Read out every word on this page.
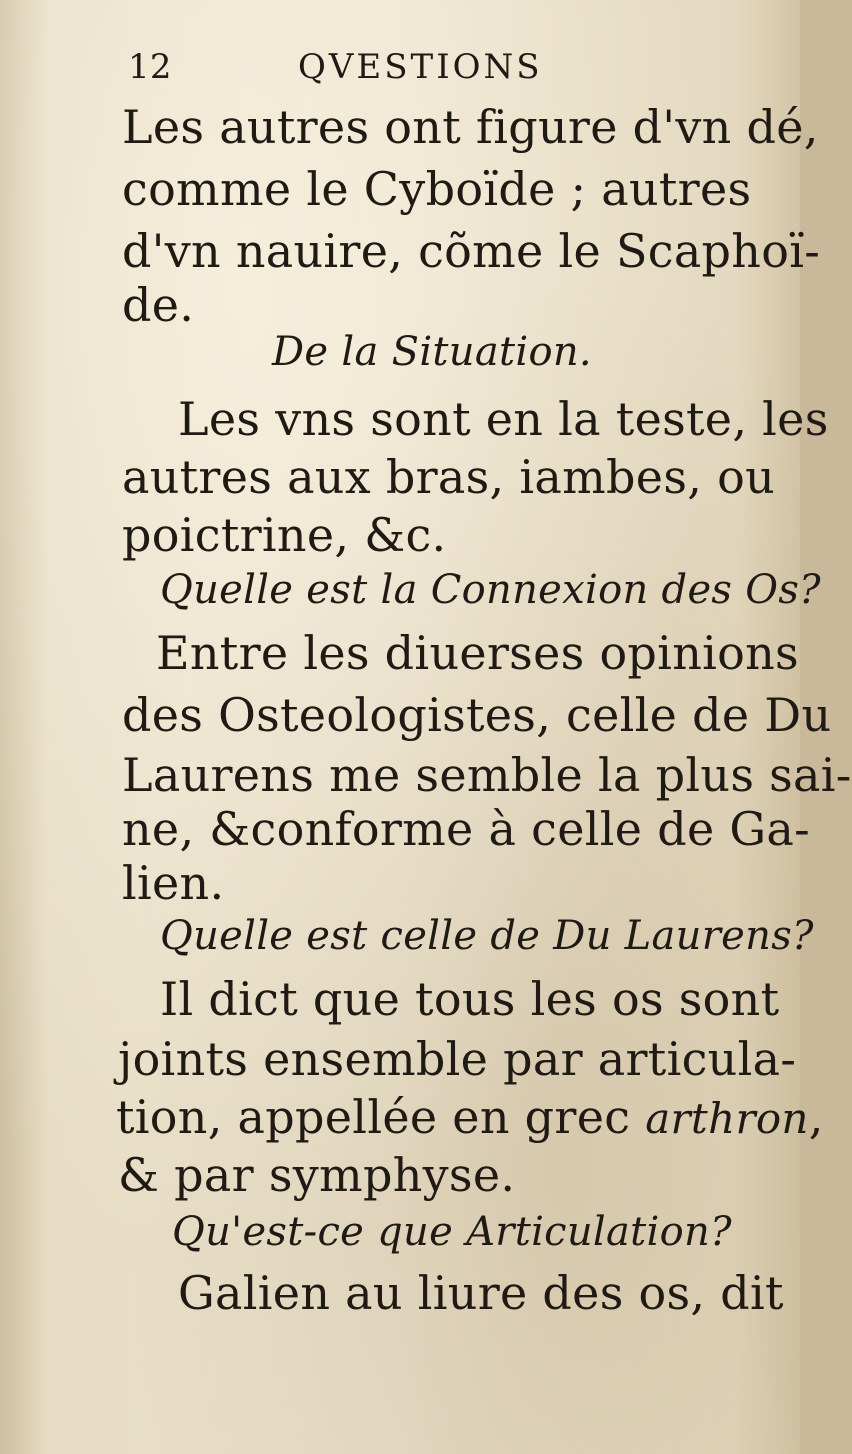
12	QVESTIONS
Les autres ont figure d'vn dé,
comme le Cyboïde ; autres
d'vn nauire, cõme le Scaphoï-
de.
De la Situation.
Les vns sont en la teste, les
autres aux bras, iambes, ou
poictrine, &c.
Quelle est la Connexion des Os?
Entre les diuerses opinions
des Osteologistes, celle de Du
Laurens me semble la plus sai-
ne, &conforme à celle de Ga-
lien.
Quelle est celle de Du Laurens?
Il dict que tous les os sont
joints ensemble par articula-
tion, appellée en grec arthron,
& par symphyse.
Qu'est-ce que Articulation?
Galien au liure des os, dit
